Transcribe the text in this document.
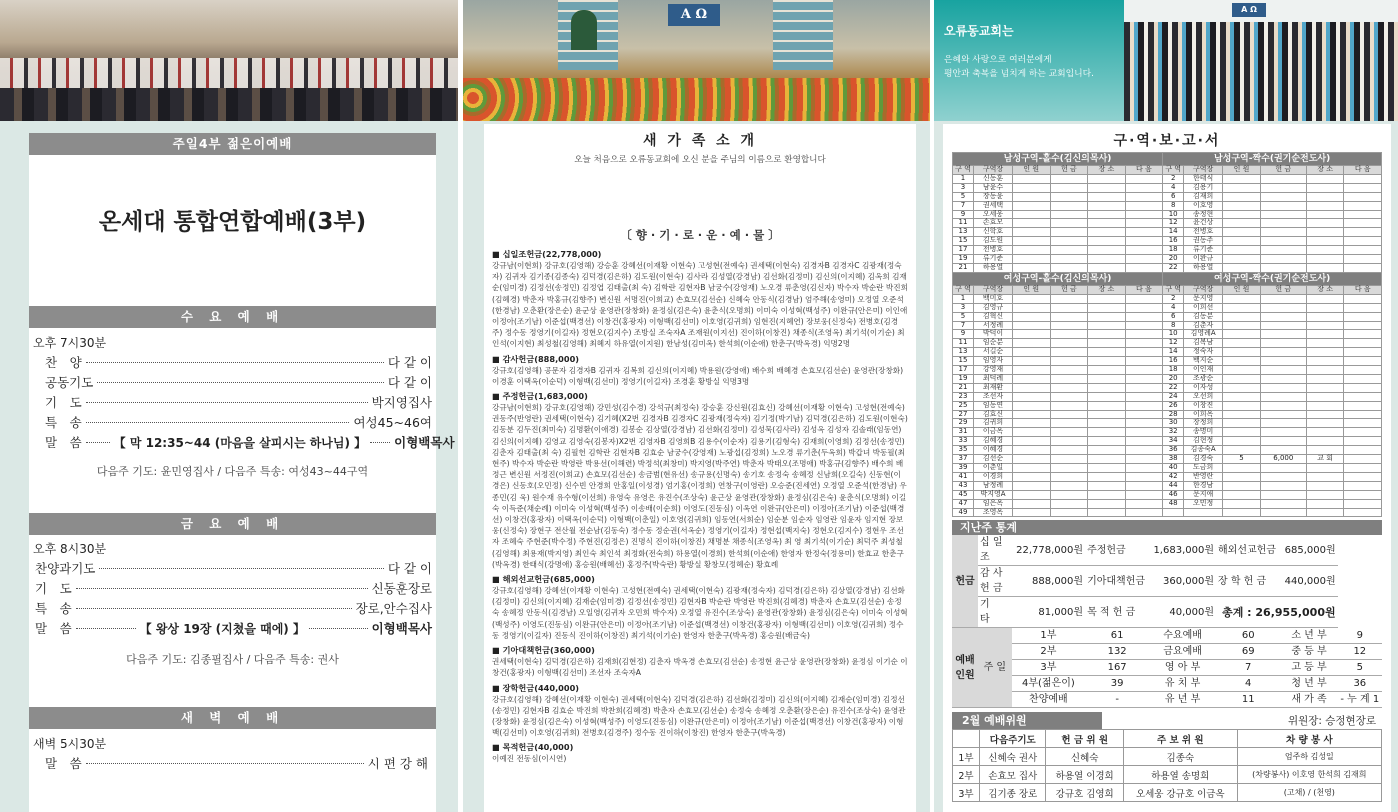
A Ω
오류동교회는
은혜와 사랑으로 여러분에게
평안과 축복을 넘치게 하는 교회입니다.
A Ω
주일4부 젊은이예배
온세대 통합연합예배(3부)
수 요 예 배
오후 7시30분
찬　양	다 같 이
공동기도	다 같 이
기　도	박지영집사
특　송	여성45~46여
말　씀	【 막 12:35~44 (마음을 살피시는 하나님) 】 이형백목사
다음주 기도: 윤민영집사 / 다음주 특송: 여성43~44구역
금 요 예 배
오후 8시30분
찬양과기도	다 같 이
기　도	신동훈장로
특　송	장로,안수집사
말　씀	【 왕상 19장 (지쳤을 때에) 】	이형백목사
다음주 기도: 김종필집사 / 다음주 특송: 권사
새 벽 예 배
새벽 5시30분
말　씀	시 편 강 해
새 가 족 소 개
오늘 처음으로 오류동교회에 오신 분을 주님의 이름으로 환영합니다
〔 향 · 기 · 로 · 운 · 예 · 물 〕
■ 십일조헌금(22,778,000)
강규남(이현희) 강규호(김영해) 강승훈 강혜선(이재황 이현숙) 고성현(전예숙) 권세택(이현숙) 김경자B 김경자C 김광재(정숙자) 김귀자 김기종(김종숙) 김덕경(김은하) 김도원(이현숙) 김사라 김성열(강경남) 김선화(김정미) 김신의(이지혜) 김옥희 김재순(임미경) 김정선(송정민) 김정엽 김태출(최 숙) 김학란 김현자B 남궁수(강영재) 노오경 류춘영(김신자) 박수자 박순란 박진희(김혜경) 박춘자 박홍규(김향주) 변신원 서명진(이희교) 손효모(김선순) 신혜숙 안동식(김경남) 엄주해(송영미) 오정열 오준석(한경남) 오춘환(장은순) 윤군상 윤영관(장창화) 윤정심(김은숙) 윤춘식(오명희) 이미숙 이성혁(백성주) 이완규(안은미) 이인애 이정아(조기남) 이준섭(백경선) 이창건(홍광자) 이형백(김선미) 이호영(김귀희) 임현진(지혜연) 장보웅(신정숙) 전병호(김경주) 정수동 정영기(이길자) 정현오(김지수) 조방실 조숙자A 조재원(이지선) 진이하(이창진) 채종식(조영옥) 최기석(이기순) 최인석(이지현) 최성철(김영해) 최혜지 하유열(이지원) 한남성(김미옥) 한석희(이순애) 한춘구(박옥경) 익명2명
■ 감사헌금(888,000)
강규호(김영해) 공문자 김경자B 김귀자 김복희 김신의(이지혜) 박용원(강영애) 배수희 배혜경 손효모(김선순) 윤영관(장창화) 이경훈 이택옥(이순덕) 이형백(김선미) 정영기(이길자) 조경훈 황방실 익명3명
■ 주정헌금(1,683,000)
강규남(이현희) 강규호(김영해) 강민성(김수경) 강석규(최정숙) 강승훈 강신원(김효신) 강혜선(이재황 이현숙) 고성현(전예숙) 권동주(반영란) 권세택(이현숙) 김기혜(X2번 김경자B 김경자C 김광재(정숙자) 김기정(박기남) 김덕경(김은하) 김도원(이현숙) 김동분 김두진(최미숙) 김명환(이애경) 김봉순 김상열(강경남) 김선화(김정미) 김성묵(김사라) 김성옥 김성자 김솔래(임동연) 김신의(이지혜) 김영교 김영숙(김봉자)X2번 김영자B 김영희B 김용수(이순자) 김용기(김형숙) 김재희(이영희) 김정선(송정민) 김춘자 김태출(최 숙) 김필헌 김학란 김현자B 김효순 남궁수(강영재) 노광섭(김정희) 노오경 류기춘(두옥희) 박갑녀 박동필(최현주) 박수자 박순란 박영란 박용선(이해련) 박정석(최창미) 박지영(박주연) 박춘자 박태오(조명애) 박홍규(김향주) 배수희 배정근 변신원 서정진(이희교) 손효모(김선순) 송금범(현유선) 송규용(신명숙) 송기호 송정숙 송혜정 신남희(오길숙) 신동현(이경은) 신동호(오민정) 신수빈 안경희 안홍일(이성경) 엄기홍(이정희) 연창구(이영란) 오승준(진세연) 오정열 오준석(한경남) 우종민(김 욱) 원수재 유수형(이선희) 유영숙 유영은 유진수(조상숙) 윤근상 윤영관(장창화) 윤정심(김은숙) 윤춘식(오명희) 이길숙 이득준(채순례) 이미숙 이성혁(백성주) 이송배(이순희) 이영도(진동심) 이옥연 이완규(안은미) 이정아(조기남) 이준섭(백경선) 이창건(홍광자) 이택옥(이순덕) 이형백(이춘일) 이호영(김귀희) 임동연(서희순) 임순분 임순자 임영란 임윤자 임지현 장보웅(신정숙) 장현구 전산월 전순남(김동숙) 정수동 정순권(서옥순) 정영기(이길자) 정현섭(백지숙) 정현오(김지수) 정현우 조선자 조혜숙 주현준(박수정) 주현진(김정은) 진명식 진이하(이창진) 채명분 채종식(조영옥) 최 영 최기석(이기순) 최덕주 최성철(김영해) 최용재(박지영) 최인숙 최인석 최정화(전숙희) 하용열(이경희) 한석희(이순애) 한영자 한정숙(정용미) 한효교 한춘구(박옥경) 한태식(강명애) 홍승원(배혜선) 홍정주(박숙란) 황방실 황창모(정혜순) 황효례
■ 해외선교헌금(685,000)
강규호(김영해) 강혜선(이재황 이현숙) 고성현(전예숙) 권세택(이현숙) 김광재(정숙자) 김덕경(김은하) 김상열(강경남) 김선화(김정미) 김신의(이지혜) 김재순(임미경) 김정선(송정민) 김현자B 박순란 박영란 박진희(김혜경) 박춘자 손효모(김선순) 송정숙 송혜정 안동식(김경남) 오일영(김귀자 오민희 박수자) 오정열 유진수(조상숙) 윤영관(장창화) 윤정심(김은숙) 이미숙 이성혁(백성주) 이영도(진동심) 이완규(안은미) 이정아(조기남) 이준섭(백경선) 이창건(홍광자) 이형백(김선미) 이호영(김귀희) 정수동 정영기(이길자) 진동식 진이하(이창진) 최기석(이기순) 한영자 한춘구(박옥경) 홍승원(배금숙)
■ 기아대책헌금(360,000)
권세택(이현숙) 김덕경(김은하) 김재희(김현정) 김춘자 박옥경 손효모(김선순) 송정현 윤근상 윤영관(장창화) 윤정심 이기순 이창건(홍광자) 이형백(김선미) 조선자 조숙자A
■ 장학헌금(440,000)
강규호(김영해) 강혜선(이재황 이현숙) 권세택(이현숙) 김덕경(김은하) 김선화(김정미) 김신의(이지혜) 김재순(임미경) 김정선(송정민) 김현자B 김효순 박진희 박찬희(김혜경) 박춘자 손효모(김선순) 송정숙 송혜정 오춘환(장은순) 유진수(조상숙) 윤영관(장창화) 윤정심(김은숙) 이성혁(백성주) 이영도(진동심) 이완규(안은미) 이정아(조기남) 이준섭(백경선) 이창건(홍광자) 이형백(김선미) 이호영(김귀희) 전병호(김경주) 정수동 진이하(이창진) 한영자 한춘구(박옥경)
■ 목적헌금(40,000)
이예진 전동심(이시연)
구·역·보·고·서
남성구역-홀수(김신의목사)						남성구역-짝수(권기순전도사)					
구 역	구역장	인 원	헌 금	장 소	다 음	구 역	구역장	인 원	헌 금	장 소	다 음
1	신동훈					2	한태식				
3	남윤수					4	김용기				
5	장동윤					6	김재희				
7	권세택					8	이호영				
9	오세웅					10	송정현				
11	손효모					12	윤건상				
13	신학호					14	전병호				
15	김도원					16	권동주				
17	전병호					18	류기준				
19	류기준					20	이완규				
21	하용열					22	하용열				
여성구역-홀수(김신의목사)						여성구역-짝수(권기순전도사)					
구 역	구역장	인 원	헌 금	장 소	다 음	구 역	구역장	인 원	헌 금	장 소	다 음
1	백미호					2	문지영				
3	김영규					4	이희선				
5	김혁신					6	김동분				
7	서정례					8	김춘자				
9	박덕이					10	김영례A				
11	임순분					12	김복남				
13	서길순					14	정숙자				
15	임영자					16	백지순				
17	강영재					18	이인재				
19	최덕례					20	조광순				
21	최재환					22	이자성				
23	조선자					24	오선희				
25	임동연					26	이창진				
27	김효신					28	이희옥				
29	김귀희					30	장정희				
31	이금옥					32	송명미				
33	김혜경					34	김현정				
35	이혜경					36	김종숙A				
37	김선순					38	김경숙	5	6,000	교 회	
39	이춘일					40	도금희				
41	이경희					42	반영란				
43	남정례					44	한경남				
45	박지영A					46	문지애				
47	임은옥					48	오민정				
49	조영옥										
지난주 통계
헌금	십 일 조	22,778,000원	주정헌금	1,683,000원	해외선교헌금	685,000원	
	감 사 헌 금	888,000원	기아대책헌금	360,000원	장 학 헌 금	440,000원	
	기　　타	81,000원	목 적 헌 금	40,000원	총계 : 26,955,000원		
예배 인원	주 일	1부	61	수요예배	60	소 년 부	9
		2부	132	금요예배	69	중 등 부	12
		3부	167	영 아 부	7	고 등 부	5
		4부(젊은이)	39	유 치 부	4	청 년 부	36
		찬양예배	-	유 년 부	11	새 가 족	- 누 계 1
2월 예배위원	위원장: 승정현장로
	다음주기도	헌 금 위 원	주 보 위 원	차 량 봉 사
1부	신혜숙 권사	신혜숙	김종숙	엄주하 김성일
2부	손효모 집사	하용열 이경희	하용열 송명희	(차량봉사) 이호영 한석희 김재희
3부	김기종 장로	강규호 김영희	오세웅 강규호 이금옥	(고채) / (천영)
